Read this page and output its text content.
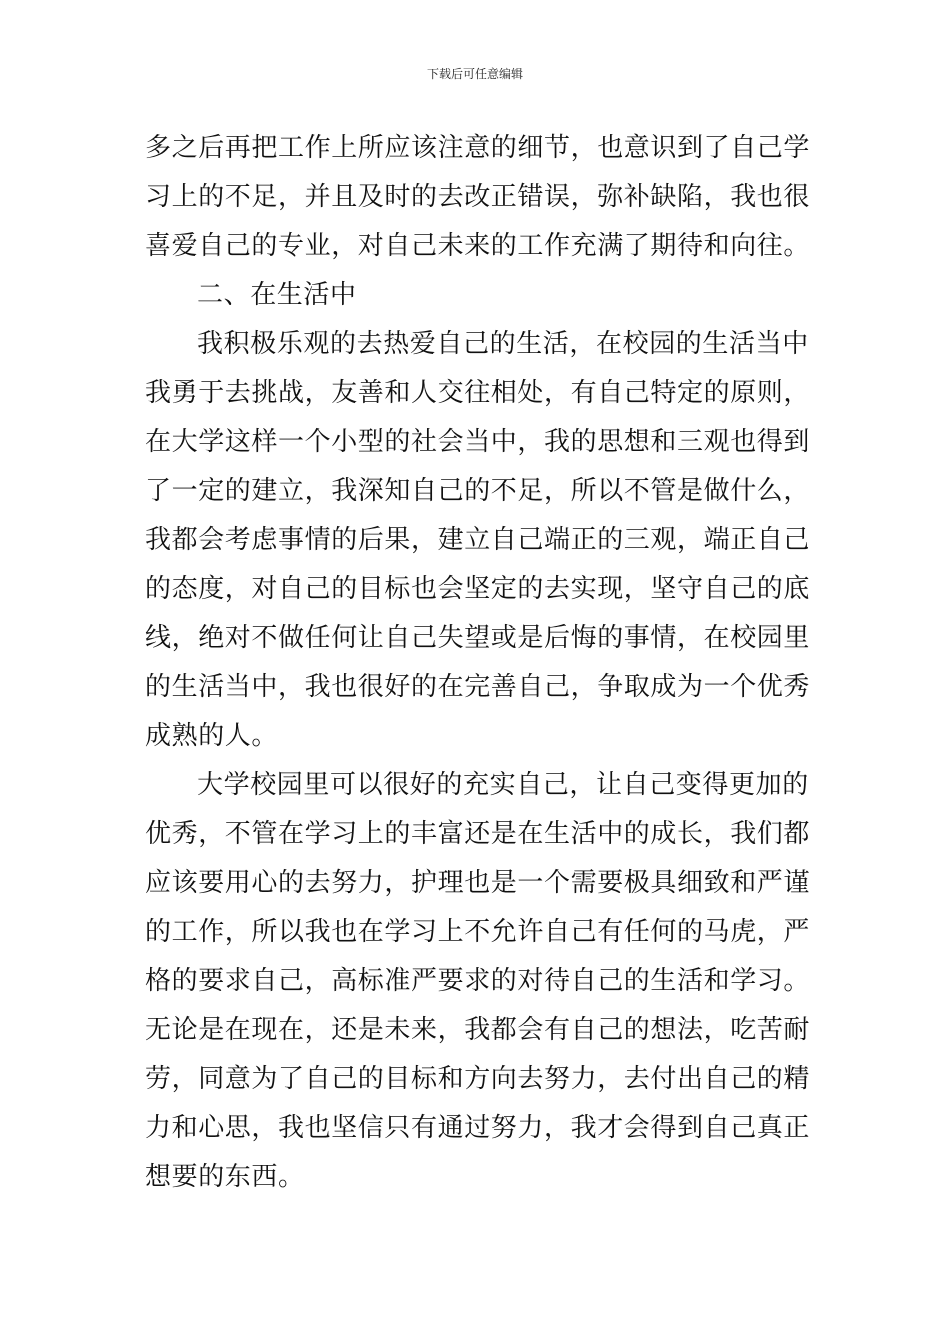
下载后可任意编辑
多之后再把工作上所应该注意的细节，也意识到了自己学
习上的不足，并且及时的去改正错误，弥补缺陷，我也很
喜爱自己的专业，对自己未来的工作充满了期待和向往。
二、在生活中
我积极乐观的去热爱自己的生活，在校园的生活当中
我勇于去挑战，友善和人交往相处，有自己特定的原则，
在大学这样一个小型的社会当中，我的思想和三观也得到
了一定的建立，我深知自己的不足，所以不管是做什么，
我都会考虑事情的后果，建立自己端正的三观，端正自己
的态度，对自己的目标也会坚定的去实现，坚守自己的底
线，绝对不做任何让自己失望或是后悔的事情，在校园里
的生活当中，我也很好的在完善自己，争取成为一个优秀
成熟的人。
大学校园里可以很好的充实自己，让自己变得更加的
优秀，不管在学习上的丰富还是在生活中的成长，我们都
应该要用心的去努力，护理也是一个需要极具细致和严谨
的工作，所以我也在学习上不允许自己有任何的马虎，严
格的要求自己，高标准严要求的对待自己的生活和学习。
无论是在现在，还是未来，我都会有自己的想法，吃苦耐
劳，同意为了自己的目标和方向去努力，去付出自己的精
力和心思，我也坚信只有通过努力，我才会得到自己真正
想要的东西。
